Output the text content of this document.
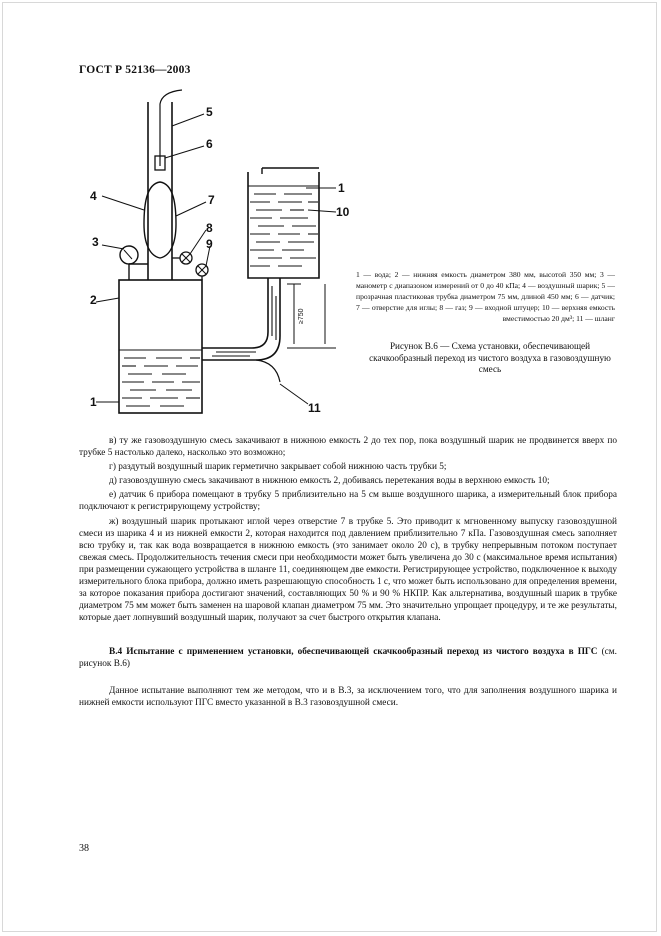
ГОСТ Р 52136—2003
1
2
3
4
5
6
7
8
9
10
11
1
≥750
1 — вода; 2 — нижняя емкость диаметром 380 мм, высотой 350 мм; 3 — манометр с диапазоном измерений от 0 до 40 кПа; 4 — воздушный шарик; 5 — прозрачная пластиковая трубка диаметром 75 мм, длиной 450 мм; 6 — датчик; 7 — отверстие для иглы; 8 — газ; 9 — входной штуцер; 10 — верхняя емкость вместимостью 20 дм³; 11 — шланг
Рисунок В.6 — Схема установки, обеспечивающей скачкообразный переход из чистого воздуха в газовоздушную смесь

в) ту же газовоздушную смесь закачивают в нижнюю емкость 2 до тех пор, пока воздушный шарик не продвинется вверх по трубке 5 настолько далеко, насколько это возможно;

г) раздутый воздушный шарик герметично закрывает собой нижнюю часть трубки 5;

д) газовоздушную смесь закачивают в нижнюю емкость 2, добиваясь перетекания воды в верхнюю емкость 10;

е) датчик 6 прибора помещают в трубку 5 приблизительно на 5 см выше воздушного шарика, а измерительный блок прибора подключают к регистрирующему устройству;

ж) воздушный шарик протыкают иглой через отверстие 7 в трубке 5. Это приводит к мгновенному выпуску газовоздушной смеси из шарика 4 и из нижней емкости 2, которая находится под давлением приблизительно 7 кПа. Газовоздушная смесь заполняет всю трубку и, так как вода возвращается в нижнюю емкость (это занимает около 20 с), в трубку непрерывным потоком поступает свежая смесь. Продолжительность течения смеси при необходимости может быть увеличена до 30 с (максимальное время испытания) при размещении сужающего устройства в шланге 11, соединяющем две емкости. Регистрирующее устройство, подключенное к выходу измерительного блока прибора, должно иметь разрешающую способность 1 с, что может быть использовано для определения времени, за которое показания прибора достигают значений, составляющих 50 % и 90 % НКПР. Как альтернатива, воздушный шарик в трубке диаметром 75 мм может быть заменен на шаровой клапан диаметром 75 мм. Это значительно упрощает процедуру, и те же результаты, которые дает лопнувший воздушный шарик, получают за счет быстрого открытия клапана.

В.4 Испытание с применением установки, обеспечивающей скачкообразный переход из чистого воздуха в ПГС (см. рисунок В.6)
Данное испытание выполняют тем же методом, что и в В.3, за исключением того, что для заполнения воздушного шарика и нижней емкости используют ПГС вместо указанной в В.3 газовоздушной смеси.
38
